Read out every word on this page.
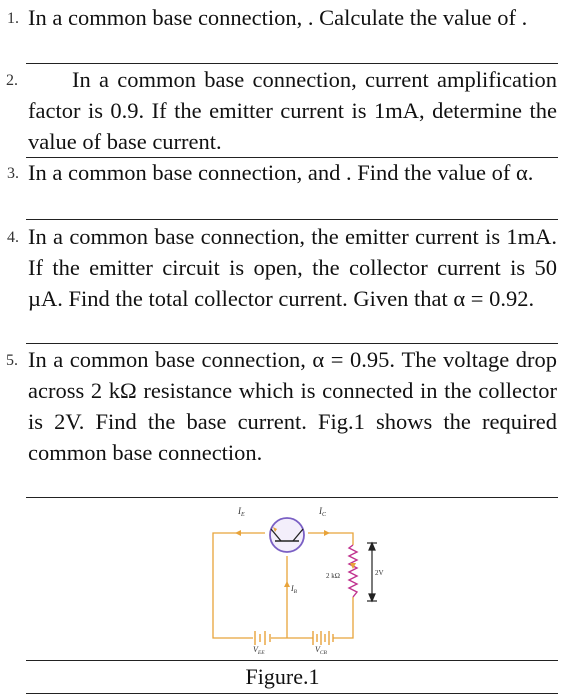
1. In a common base connection, . Calculate the value of .
2.	In a common base connection, current amplification factor is 0.9. If the emitter current is 1mA, determine the value of base current.
3. In a common base connection, and . Find the value of α.
4. In a common base connection, the emitter current is 1mA. If the emitter circuit is open, the collector current is 50 µA. Find the total collector current. Given that α = 0.92.
5. In a common base connection, α = 0.95. The voltage drop across 2 kΩ resistance which is connected in the collector is 2V. Find the base current. Fig.1 shows the required common base connection.
$I_E$	$I_C$
$I_B$
2 kΩ	2V
$V_{EE}$	$V_{CB}$
Figure.1
